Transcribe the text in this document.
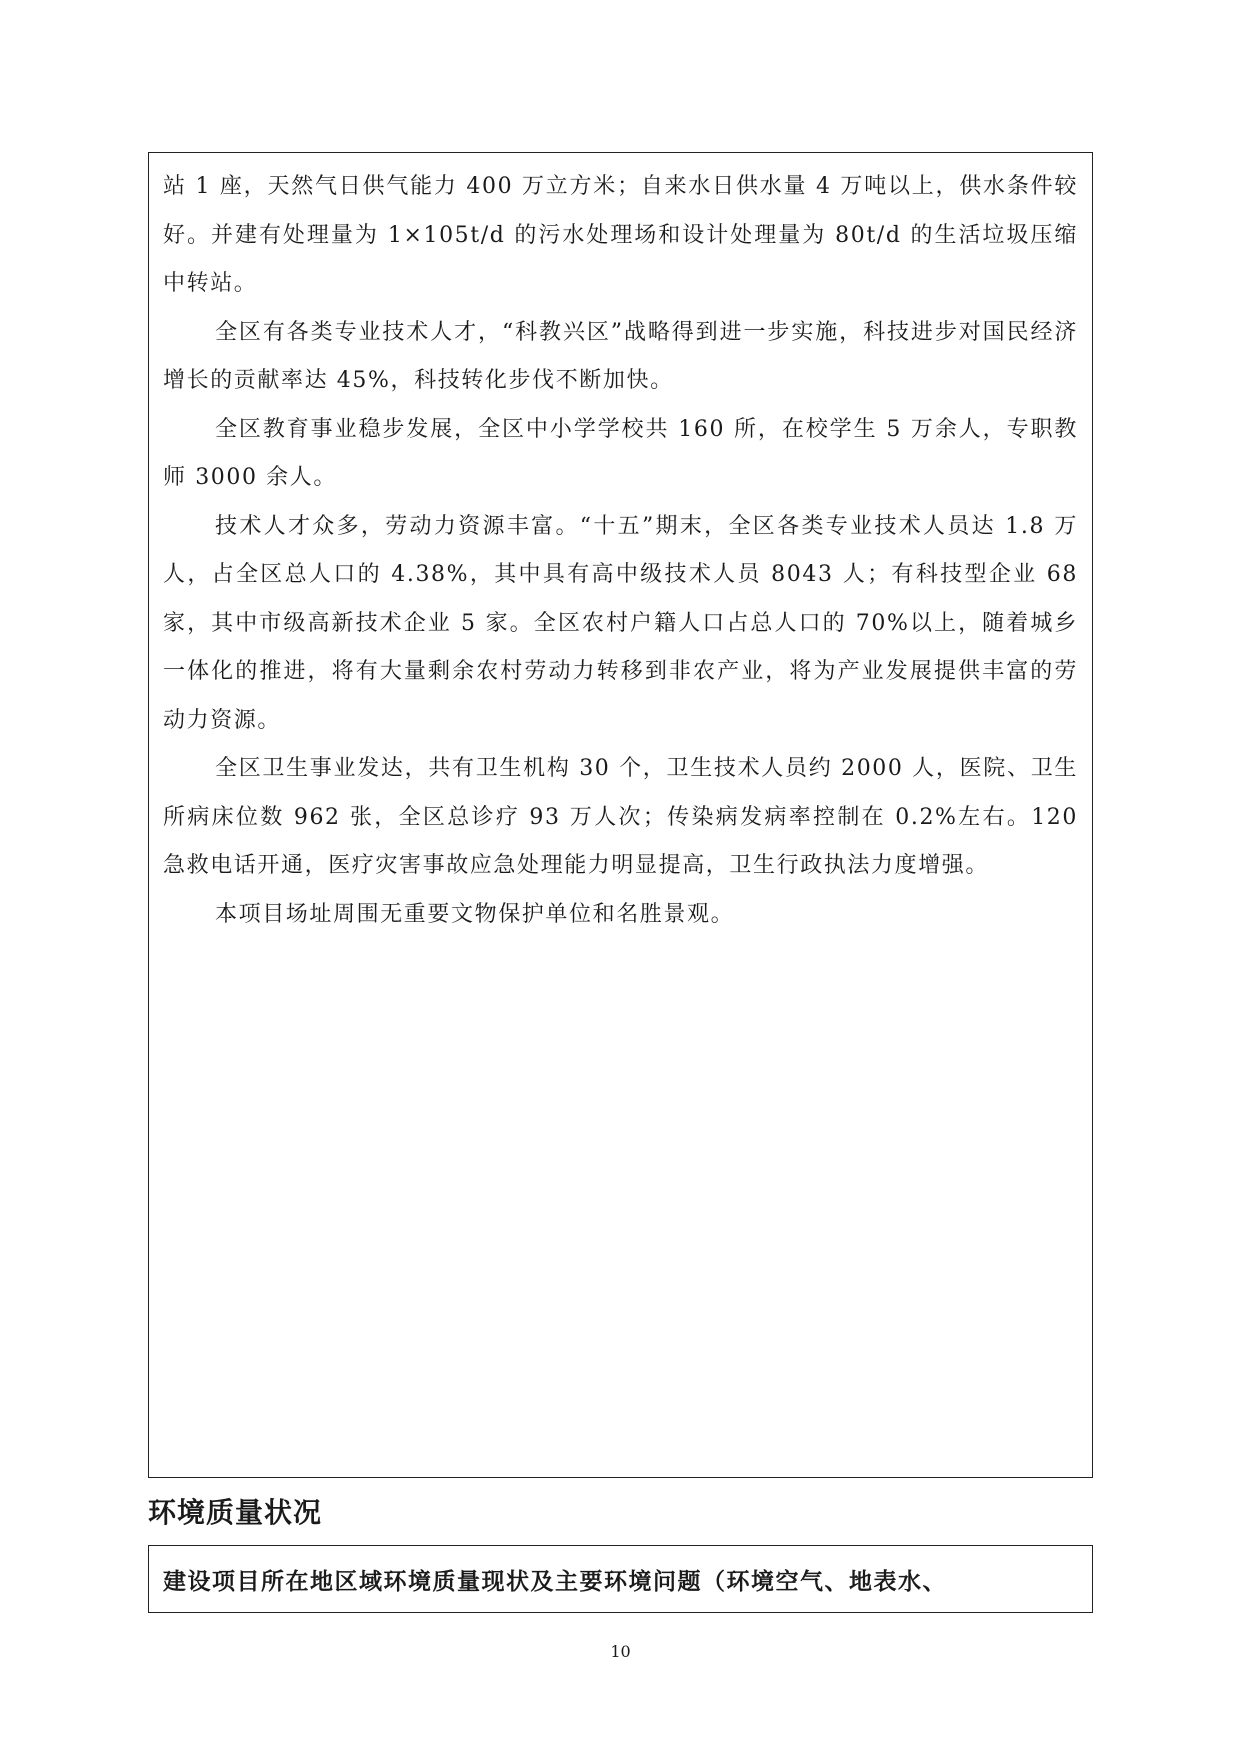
站 1 座，天然气日供气能力 400 万立方米；自来水日供水量 4 万吨以上，供水条件较好。并建有处理量为 1×105t/d 的污水处理场和设计处理量为 80t/d 的生活垃圾压缩中转站。

全区有各类专业技术人才，“科教兴区”战略得到进一步实施，科技进步对国民经济增长的贡献率达 45%，科技转化步伐不断加快。

全区教育事业稳步发展，全区中小学学校共 160 所，在校学生 5 万余人，专职教师 3000 余人。

技术人才众多，劳动力资源丰富。“十五”期末，全区各类专业技术人员达 1.8 万人，占全区总人口的 4.38%，其中具有高中级技术人员 8043 人；有科技型企业 68 家，其中市级高新技术企业 5 家。全区农村户籍人口占总人口的 70%以上，随着城乡一体化的推进，将有大量剩余农村劳动力转移到非农产业，将为产业发展提供丰富的劳动力资源。

全区卫生事业发达，共有卫生机构 30 个，卫生技术人员约 2000 人，医院、卫生所病床位数 962 张，全区总诊疗 93 万人次；传染病发病率控制在 0.2%左右。120 急救电话开通，医疗灾害事故应急处理能力明显提高，卫生行政执法力度增强。

本项目场址周围无重要文物保护单位和名胜景观。

环境质量状况
建设项目所在地区域环境质量现状及主要环境问题（环境空气、地表水、
10
